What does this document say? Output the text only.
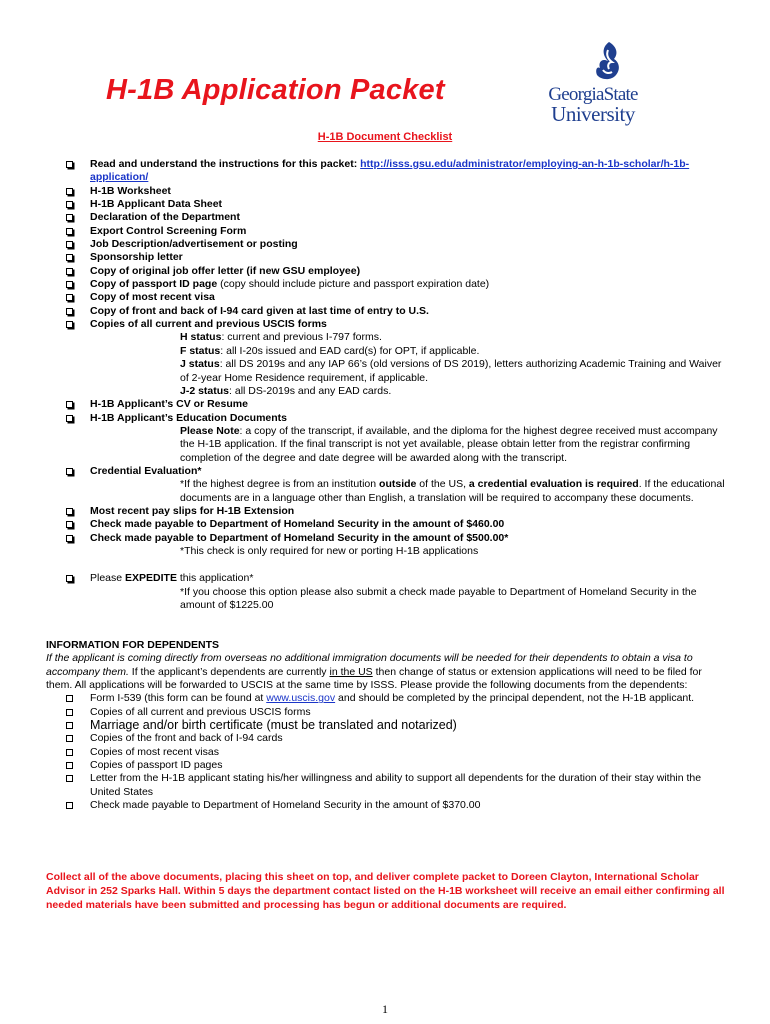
H-1B Application Packet	GeorgiaState
University
H-1B Document Checklist
Read and understand the instructions for this packet: http://isss.gsu.edu/administrator/employing-an-h-1b-scholar/h-1b-application/
H-1B Worksheet
H-1B Applicant Data Sheet
Declaration of the Department
Export Control Screening Form
Job Description/advertisement or posting
Sponsorship letter
Copy of original job offer letter (if new GSU employee)
Copy of passport ID page (copy should include picture and passport expiration date)
Copy of most recent visa
Copy of front and back of I-94 card given at last time of entry to U.S.
Copies of all current and previous USCIS forms
H status: current and previous I-797 forms.
F status: all I-20s issued and EAD card(s) for OPT, if applicable.
J status: all DS 2019s and any IAP 66’s (old versions of DS 2019), letters authorizing Academic Training and Waiver of 2-year Home Residence requirement, if applicable.
J-2 status: all DS-2019s and any EAD cards.
H-1B Applicant’s CV or Resume
H-1B Applicant’s Education Documents
Please Note: a copy of the transcript, if available, and the diploma for the highest degree received must accompany the H-1B application. If the final transcript is not yet available, please obtain letter from the registrar confirming completion of the degree and date degree will be awarded along with the transcript.
Credential Evaluation*
*If the highest degree is from an institution outside of the US, a credential evaluation is required. If the educational documents are in a language other than English, a translation will be required to accompany these documents.
Most recent pay slips for H-1B Extension
Check made payable to Department of Homeland Security in the amount of $460.00
Check made payable to Department of Homeland Security in the amount of $500.00*
*This check is only required for new or porting H-1B applications
Please EXPEDITE this application*
*If you choose this option please also submit a check made payable to Department of Homeland Security in the amount of $1225.00
INFORMATION FOR DEPENDENTS
If the applicant is coming directly from overseas no additional immigration documents will be needed for their dependents to obtain a visa to accompany them. If the applicant’s dependents are currently in the US then change of status or extension applications will need to be filed for them. All applications will be forwarded to USCIS at the same time by ISSS. Please provide the following documents from the dependents:
Form I-539 (this form can be found at www.uscis.gov and should be completed by the principal dependent, not the H-1B applicant.
Copies of all current and previous USCIS forms
Marriage and/or birth certificate (must be translated and notarized)
Copies of the front and back of I-94 cards
Copies of most recent visas
Copies of passport ID pages
Letter from the H-1B applicant stating his/her willingness and ability to support all dependents for the duration of their stay within the United States
Check made payable to Department of Homeland Security in the amount of $370.00
Collect all of the above documents, placing this sheet on top, and deliver complete packet to Doreen Clayton, International Scholar Advisor in 252 Sparks Hall. Within 5 days the department contact listed on the H-1B worksheet will receive an email either confirming all needed materials have been submitted and processing has begun or additional documents are required.
1
